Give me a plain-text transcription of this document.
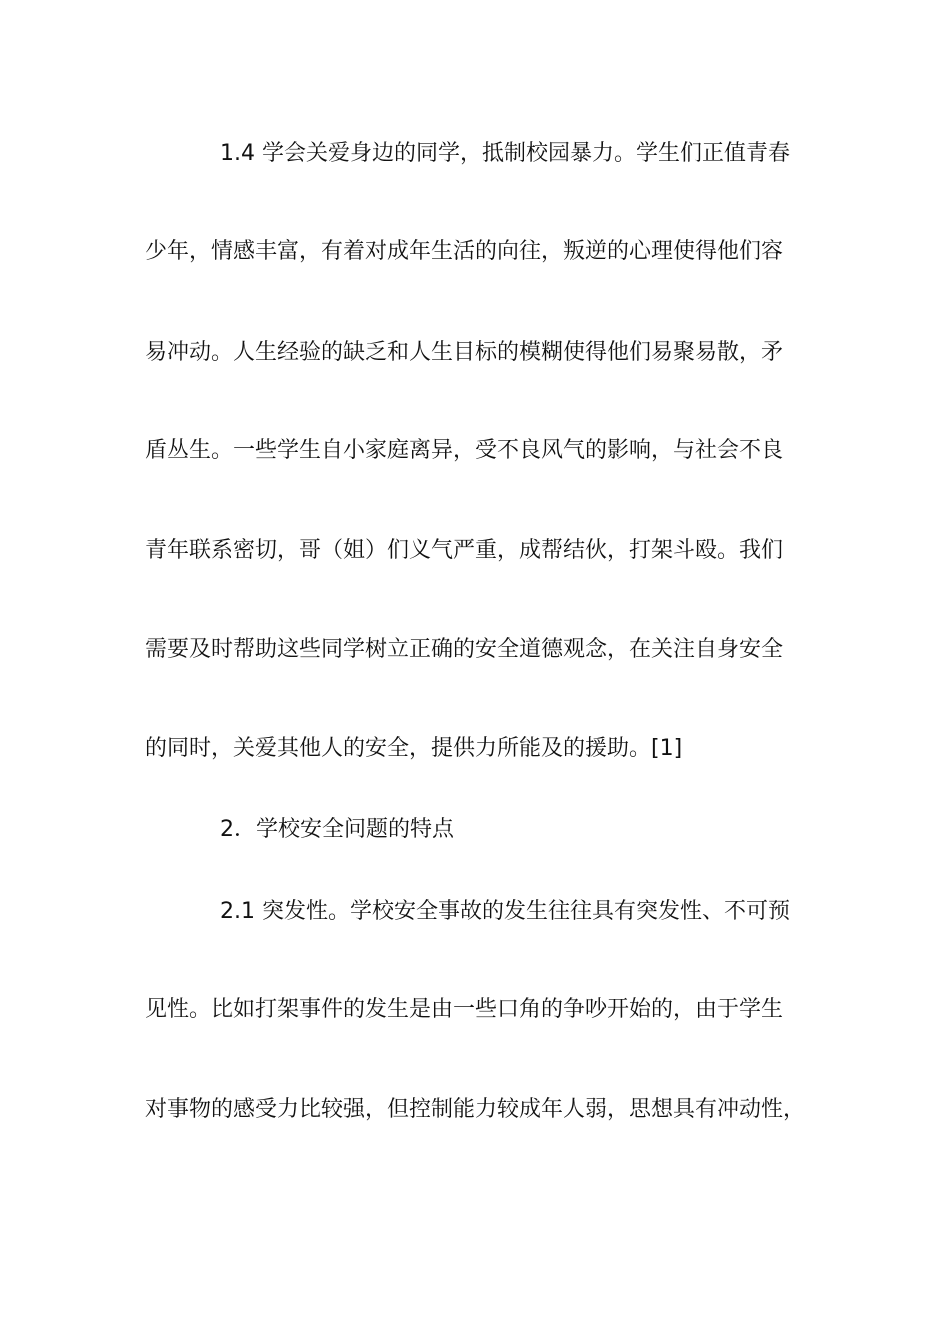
1.4 学会关爱身边的同学，抵制校园暴力。学生们正值青春
少年，情感丰富，有着对成年生活的向往，叛逆的心理使得他们容
易冲动。人生经验的缺乏和人生目标的模糊使得他们易聚易散，矛
盾丛生。一些学生自小家庭离异，受不良风气的影响，与社会不良
青年联系密切，哥（姐）们义气严重，成帮结伙，打架斗殴。我们
需要及时帮助这些同学树立正确的安全道德观念，在关注自身安全
的同时，关爱其他人的安全，提供力所能及的援助。[1]
2．学校安全问题的特点
2.1 突发性。学校安全事故的发生往往具有突发性、不可预
见性。比如打架事件的发生是由一些口角的争吵开始的，由于学生
对事物的感受力比较强，但控制能力较成年人弱，思想具有冲动性，
